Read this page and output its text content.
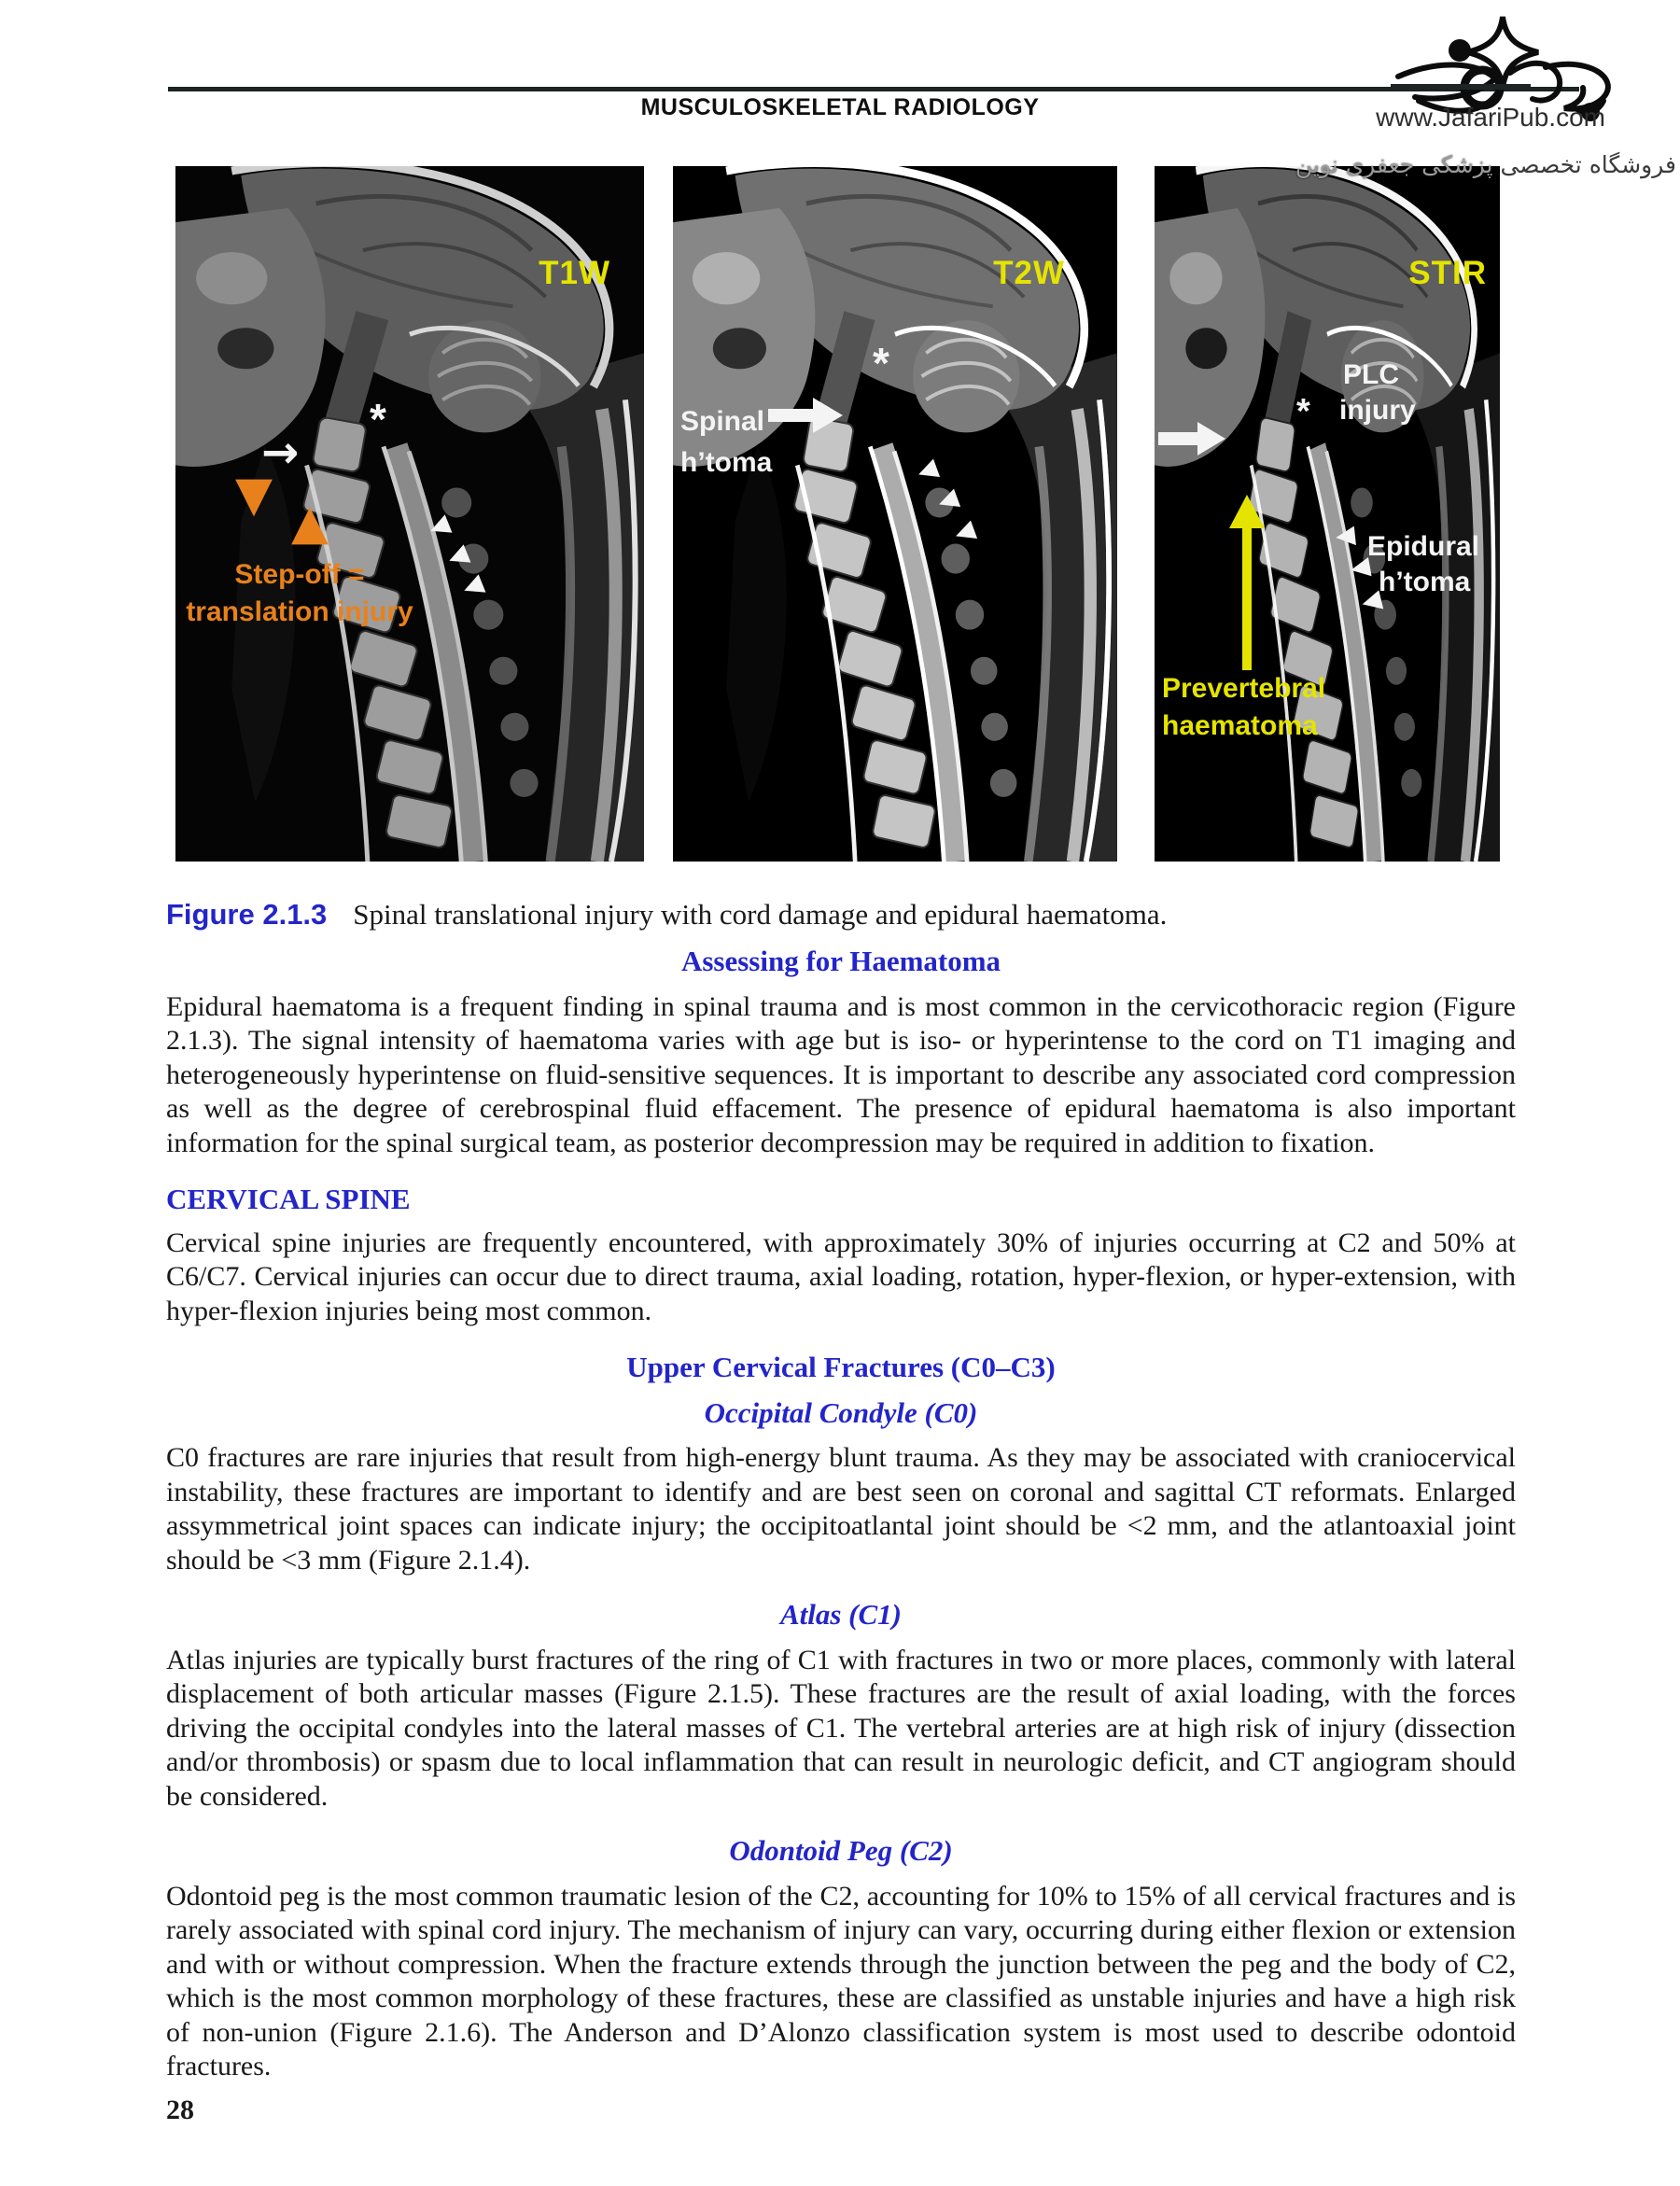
MUSCULOSKELETAL RADIOLOGY	www.JafariPub.com
فروشگاه تخصصی پزشکی جعفری نوین
T1W
*
→
▼ ▲	◀
◀
◀
Step-off =
translation injury
T2W
*
Spinal
h’toma	◀
◀
◀
STIR
PLC
* injury
Prevertebral
haematoma
Epidural
h’toma
◀
◀
◀
Figure 2.1.3 Spinal translational injury with cord damage and epidural haematoma.
Assessing for Haematoma

Epidural haematoma is a frequent finding in spinal trauma and is most common in the cervicothoracic region (Figure 2.1.3). The signal intensity of haematoma varies with age but is iso- or hyperintense to the cord on T1 imaging and heterogeneously hyperintense on fluid-sensitive sequences. It is important to describe any associated cord compression as well as the degree of cerebrospinal fluid effacement. The presence of epidural haematoma is also important information for the spinal surgical team, as posterior decompression may be required in addition to fixation.

CERVICAL SPINE

Cervical spine injuries are frequently encountered, with approximately 30% of injuries occurring at C2 and 50% at C6/C7. Cervical injuries can occur due to direct trauma, axial loading, rotation, hyper-flexion, or hyper-extension, with hyper-flexion injuries being most common.

Upper Cervical Fractures (C0–C3)
Occipital Condyle (C0)

C0 fractures are rare injuries that result from high-energy blunt trauma. As they may be associated with craniocervical instability, these fractures are important to identify and are best seen on coronal and sagittal CT reformats. Enlarged assymmetrical joint spaces can indicate injury; the occipitoatlantal joint should be <2 mm, and the atlantoaxial joint should be <3 mm (Figure 2.1.4).

Atlas (C1)

Atlas injuries are typically burst fractures of the ring of C1 with fractures in two or more places, commonly with lateral displacement of both articular masses (Figure 2.1.5). These fractures are the result of axial loading, with the forces driving the occipital condyles into the lateral masses of C1. The vertebral arteries are at high risk of injury (dissection and/or thrombosis) or spasm due to local inflammation that can result in neurologic deficit, and CT angiogram should be considered.

Odontoid Peg (C2)

Odontoid peg is the most common traumatic lesion of the C2, accounting for 10% to 15% of all cervical fractures and is rarely associated with spinal cord injury. The mechanism of injury can vary, occurring during either flexion or extension and with or without compression. When the fracture extends through the junction between the peg and the body of C2, which is the most common morphology of these fractures, these are classified as unstable injuries and have a high risk of non-union (Figure 2.1.6). The Anderson and D’Alonzo classification system is most used to describe odontoid fractures.

28
